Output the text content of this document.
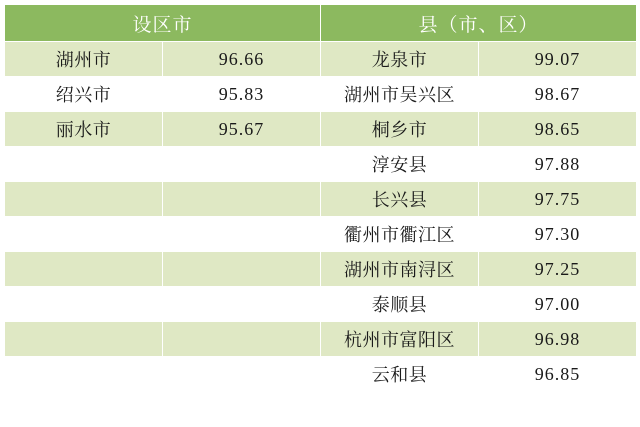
设区市		县（市、区）	
湖州市	96.66	龙泉市	99.07
绍兴市	95.83	湖州市吴兴区	98.67
丽水市	95.67	桐乡市	98.65
		淳安县	97.88
		长兴县	97.75
		衢州市衢江区	97.30
		湖州市南浔区	97.25
		泰顺县	97.00
		杭州市富阳区	96.98
		云和县	96.85
